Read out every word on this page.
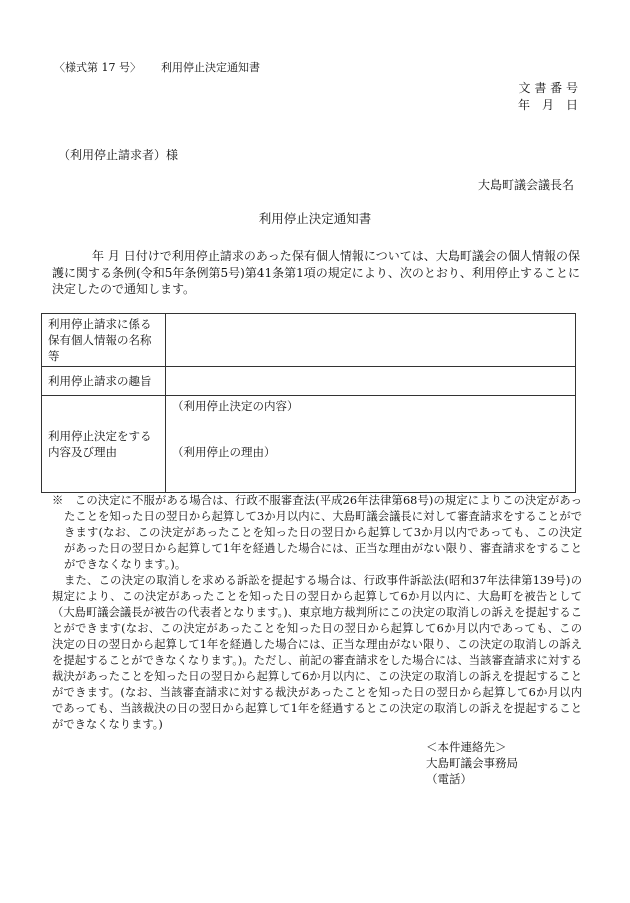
〈様式第 17 号〉 利用停止決定通知書
文 書 番 号
年　月　日
（利用停止請求者）様
大島町議会議長名
利用停止決定通知書
年 月 日付けで利用停止請求のあった保有個人情報については、大島町議会の個人情報の保護に関する条例(令和5年条例第5号)第41条第1項の規定により、次のとおり、利用停止することに決定したので通知します。
利用停止請求に係る保有個人情報の名称等	
利用停止請求の趣旨	
利用停止決定をする内容及び理由	（利用停止決定の内容）
（利用停止の理由）

※　この決定に不服がある場合は、行政不服審査法(平成26年法律第68号)の規定によりこの決定があったことを知った日の翌日から起算して3か月以内に、大島町議会議長に対して審査請求をすることができます(なお、この決定があったことを知った日の翌日から起算して3か月以内であっても、この決定があった日の翌日から起算して1年を経過した場合には、正当な理由がない限り、審査請求をすることができなくなります。)。

また、この決定の取消しを求める訴訟を提起する場合は、行政事件訴訟法(昭和37年法律第139号)の規定により、この決定があったことを知った日の翌日から起算して6か月以内に、大島町を被告として（大島町議会議長が被告の代表者となります。)、東京地方裁判所にこの決定の取消しの訴えを提起することができます(なお、この決定があったことを知った日の翌日から起算して6か月以内であっても、この決定の日の翌日から起算して1年を経過した場合には、正当な理由がない限り、この決定の取消しの訴えを提起することができなくなります。)。ただし、前記の審査請求をした場合には、当該審査請求に対する裁決があったことを知った日の翌日から起算して6か月以内に、この決定の取消しの訴えを提起することができます。(なお、当該審査請求に対する裁決があったことを知った日の翌日から起算して6か月以内であっても、当該裁決の日の翌日から起算して1年を経過するとこの決定の取消しの訴えを提起することができなくなります。)

＜本件連絡先＞
大島町議会事務局
（電話）
